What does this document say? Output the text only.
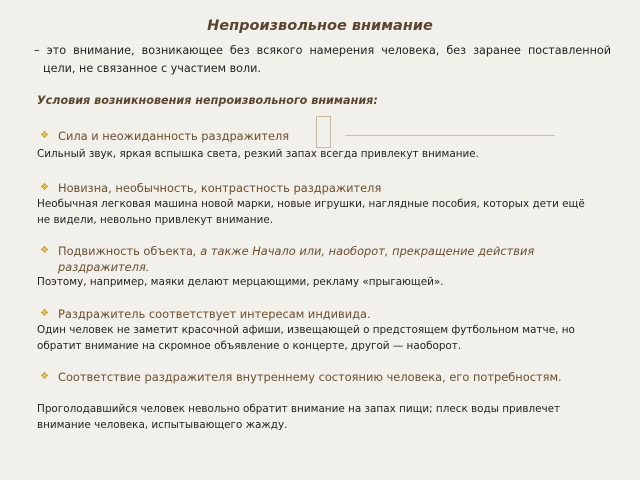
Непроизвольное внимание
– это внимание, возникающее без всякого намерения человека, без заранее поставленной цели, не связанное с участием воли.
Условия возникновения непроизвольного внимания:
❖ Сила и неожиданность раздражителя
Сильный звук, яркая вспышка света, резкий запах всегда привлекут внимание.
❖ Новизна, необычность, контрастность раздражителя
Необычная легковая машина новой марки, новые игрушки, наглядные пособия, которых дети ещё не видели, невольно привлекут внимание.
❖ Подвижность объекта, а также Начало или, наоборот, прекращение действия раздражителя.
Поэтому, например, маяки делают мерцающими, рекламу «прыгающей».
❖ Раздражитель соответствует интересам индивида.
Один человек не заметит красочной афиши, извещающей о предстоящем футбольном матче, но обратит внимание на скромное объявление о концерте, другой — наоборот.
❖ Соответствие раздражителя внутреннему состоянию человека, его потребностям.
Проголодавшийся человек невольно обратит внимание на запах пищи; плеск воды привлечет внимание человека, испытывающего жажду.
